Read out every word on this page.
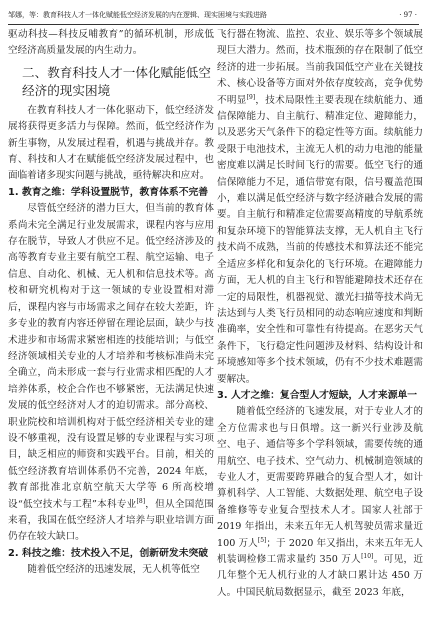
邹娜，等：教育科技人才一体化赋能低空经济发展的内在逻辑、现实困境与实践进路	· 97 ·

驱动科技—科技反哺教育”的循环机制，形成低空经济高质量发展的内生动力。

二、教育科技人才一体化赋能低空经济的现实困境

在教育科技人才一体化驱动下，低空经济发展将获得更多活力与保障。然而，低空经济作为新生事物，从发展过程看，机遇与挑战并存。教育、科技和人才在赋能低空经济发展过程中，也面临着诸多现实问题与挑战，亟待解决和应对。

1. 教育之维：学科设置脱节，教育体系不完善

尽管低空经济的潜力巨大，但当前的教育体系尚未完全满足行业发展需求，课程内容与应用存在脱节，导致人才供应不足。低空经济涉及的高等教育专业主要有航空工程、航空运输、电子信息、自动化、机械、无人机和信息技术等。高校和研究机构对于这一领域的专业设置相对滞后，课程内容与市场需求之间存在较大差距，许多专业的教育内容还停留在理论层面，缺少与技术进步和市场需求紧密相连的技能培训；与低空经济领域相关专业的人才培养和考核标准尚未完全确立，尚未形成一套与行业需求相匹配的人才培养体系，校企合作也不够紧密，无法满足快速发展的低空经济对人才的迫切需求。部分高校、职业院校和培训机构对于低空经济相关专业的建设不够重视，没有设置足够的专业课程与实习项目，缺乏相应的师资和实践平台。目前，相关的低空经济教育培训体系仍不完善，2024 年底，教育部批准北京航空航天大学等 6 所高校增设“低空技术与工程”本科专业[8]，但从全国范围来看，我国在低空经济人才培养与职业培训方面仍存在较大缺口。

2. 科技之维：技术投入不足，创新研发未突破

随着低空经济的迅速发展，无人机等低空

飞行器在物流、监控、农业、娱乐等多个领域展现巨大潜力。然而，技术瓶颈的存在限制了低空经济的进一步拓展。当前我国低空产业在关键技术、核心设备等方面对外依存度较高，竞争优势不明显[9]，技术局限性主要表现在续航能力、通信保障能力、自主航行、精准定位、避障能力，以及恶劣天气条件下的稳定性等方面。续航能力受限于电池技术，主流无人机的动力电池的能量密度难以满足长时间飞行的需要。低空飞行的通信保障能力不足，通信带宽有限，信号覆盖范围小，难以满足低空经济与数字经济融合发展的需要。自主航行和精准定位需要高精度的导航系统和复杂环境下的智能算法支撑，无人机自主飞行技术尚不成熟，当前的传感技术和算法还不能完全适应多样化和复杂化的飞行环境。在避障能力方面，无人机的自主飞行和智能避障技术还存在一定的局限性，机器视觉、激光扫描等技术尚无法达到与人类飞行员相同的动态响应速度和判断准确率，安全性和可靠性有待提高。在恶劣天气条件下，飞行稳定性问题涉及材料、结构设计和环境感知等多个技术领域，仍有不少技术难题需要解决。

3. 人才之维：复合型人才短缺，人才来源单一

随着低空经济的飞速发展，对于专业人才的全方位需求也与日俱增。这一新兴行业涉及航空、电子、通信等多个学科领域，需要传统的通用航空、电子技术、空气动力、机械制造领域的专业人才，更需要跨界融合的复合型人才，如计算机科学、人工智能、大数据处理、航空电子设备维修等专业复合型技术人才。国家人社部于 2019 年指出，未来五年无人机驾驶员需求量近 100 万人[5]；于 2020 年又指出，未来五年无人机装调检修工需求量约 350 万人[10]。可见，近几年整个无人机行业的人才缺口累计达 450 万人。中国民航局数据显示，截至 2023 年底，
